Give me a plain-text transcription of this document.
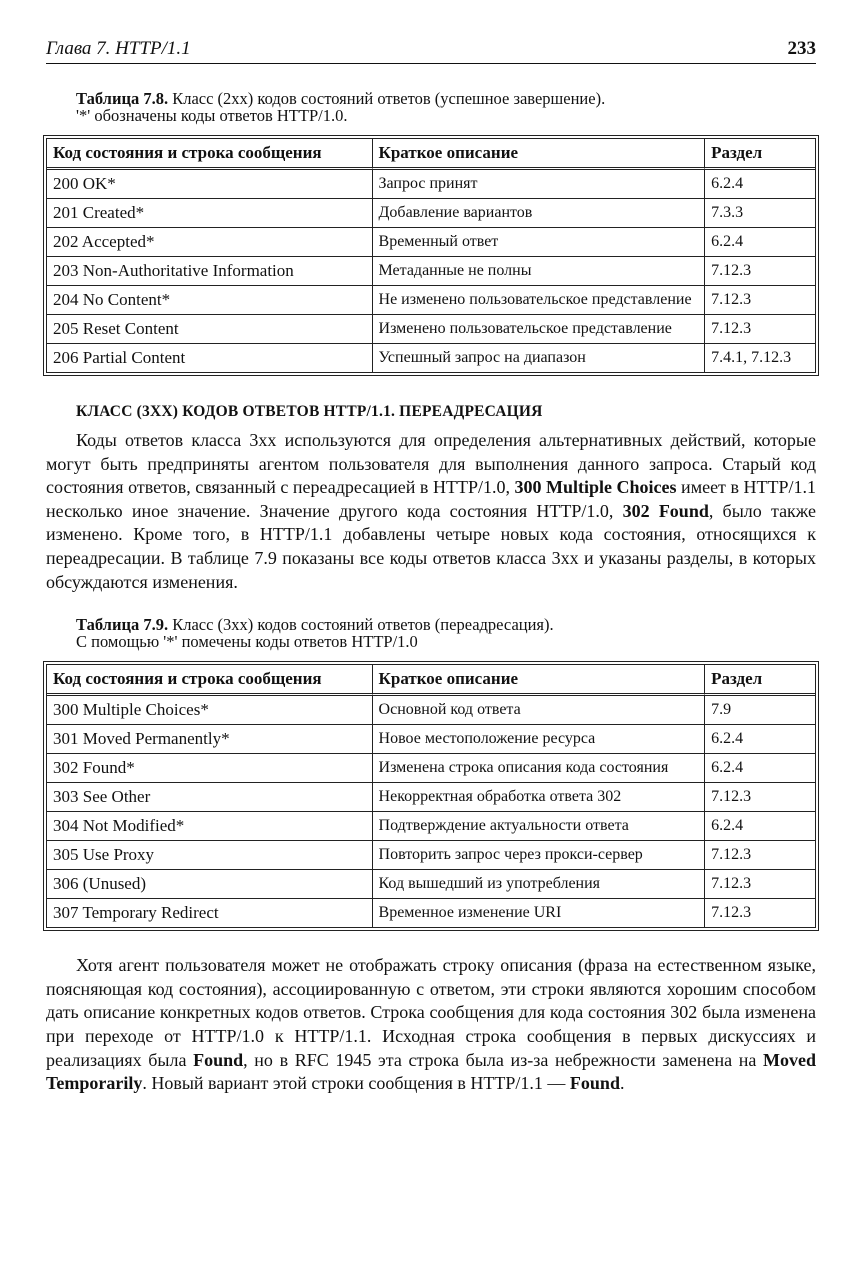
Глава 7. HTTP/1.1	233
Таблица 7.8. Класс (2xx) кодов состояний ответов (успешное завершение).
'*' обозначены коды ответов HTTP/1.0.
Код состояния и строка сообщения	Краткое описание	Раздел
200 OK*	Запрос принят	6.2.4
201 Created*	Добавление вариантов	7.3.3
202 Accepted*	Временный ответ	6.2.4
203 Non-Authoritative Information	Метаданные не полны	7.12.3
204 No Content*	Не изменено пользовательское представление	7.12.3
205 Reset Content	Изменено пользовательское представление	7.12.3
206 Partial Content	Успешный запрос на диапазон	7.4.1, 7.12.3
КЛАСС (3XX) КОДОВ ОТВЕТОВ HTTP/1.1. ПЕРЕАДРЕСАЦИЯ

Коды ответов класса 3xx используются для определения альтернативных действий, которые могут быть предприняты агентом пользователя для выполнения данного запроса. Старый код состояния ответов, связанный с переадресацией в HTTP/1.0, 300 Multiple Choices имеет в HTTP/1.1 несколько иное значение. Значение другого кода состояния HTTP/1.0, 302 Found, было также изменено. Кроме того, в HTTP/1.1 добавлены четыре новых кода состояния, относящихся к переадресации. В таблице 7.9 показаны все коды ответов класса 3xx и указаны разделы, в которых обсуждаются изменения.

Таблица 7.9. Класс (3xx) кодов состояний ответов (переадресация).
С помощью '*' помечены коды ответов HTTP/1.0
Код состояния и строка сообщения	Краткое описание	Раздел
300 Multiple Choices*	Основной код ответа	7.9
301 Moved Permanently*	Новое местоположение ресурса	6.2.4
302 Found*	Изменена строка описания кода состояния	6.2.4
303 See Other	Некорректная обработка ответа 302	7.12.3
304 Not Modified*	Подтверждение актуальности ответа	6.2.4
305 Use Proxy	Повторить запрос через прокси-сервер	7.12.3
306 (Unused)	Код вышедший из употребления	7.12.3
307 Temporary Redirect	Временное изменение URI	7.12.3

Хотя агент пользователя может не отображать строку описания (фраза на естественном языке, поясняющая код состояния), ассоциированную с ответом, эти строки являются хорошим способом дать описание конкретных кодов ответов. Строка сообщения для кода состояния 302 была изменена при переходе от HTTP/1.0 к HTTP/1.1. Исходная строка сообщения в первых дискуссиях и реализациях была Found, но в RFC 1945 эта строка была из-за небрежности заменена на Moved Temporarily. Новый вариант этой строки сообщения в HTTP/1.1 — Found.
